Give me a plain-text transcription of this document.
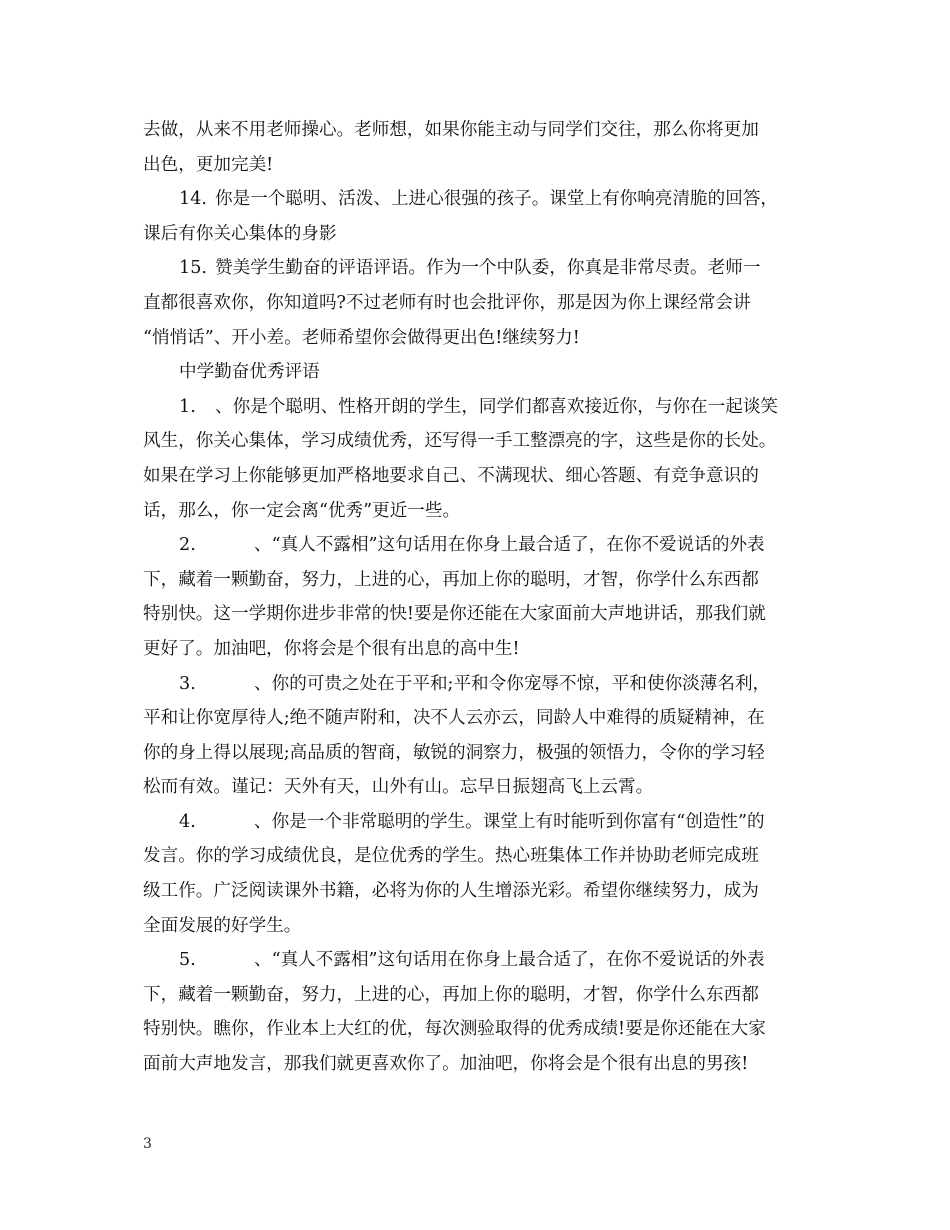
去做，从来不用老师操心。老师想，如果你能主动与同学们交往，那么你将更加
出色，更加完美!
14. 你是一个聪明、活泼、上进心很强的孩子。课堂上有你响亮清脆的回答，
课后有你关心集体的身影
15. 赞美学生勤奋的评语评语。作为一个中队委，你真是非常尽责。老师一
直都很喜欢你，你知道吗?不过老师有时也会批评你，那是因为你上课经常会讲
“悄悄话”、开小差。老师希望你会做得更出色!继续努力!
中学勤奋优秀评语
1. 、你是个聪明、性格开朗的学生，同学们都喜欢接近你，与你在一起谈笑
风生，你关心集体，学习成绩优秀，还写得一手工整漂亮的字，这些是你的长处。
如果在学习上你能够更加严格地要求自己、不满现状、细心答题、有竞争意识的
话，那么，你一定会离“优秀”更近一些。
2.	、“真人不露相”这句话用在你身上最合适了，在你不爱说话的外表
下，藏着一颗勤奋，努力，上进的心，再加上你的聪明，才智，你学什么东西都
特别快。这一学期你进步非常的快!要是你还能在大家面前大声地讲话，那我们就
更好了。加油吧，你将会是个很有出息的高中生!
3.	、你的可贵之处在于平和;平和令你宠辱不惊，平和使你淡薄名利，
平和让你宽厚待人;绝不随声附和，决不人云亦云，同龄人中难得的质疑精神，在
你的身上得以展现;高品质的智商，敏锐的洞察力，极强的领悟力，令你的学习轻
松而有效。谨记：天外有天，山外有山。忘早日振翅高飞上云霄。
4.	、你是一个非常聪明的学生。课堂上有时能听到你富有“创造性”的
发言。你的学习成绩优良，是位优秀的学生。热心班集体工作并协助老师完成班
级工作。广泛阅读课外书籍，必将为你的人生增添光彩。希望你继续努力，成为
全面发展的好学生。
5.	、“真人不露相”这句话用在你身上最合适了，在你不爱说话的外表
下，藏着一颗勤奋，努力，上进的心，再加上你的聪明，才智，你学什么东西都
特别快。瞧你，作业本上大红的优，每次测验取得的优秀成绩!要是你还能在大家
面前大声地发言，那我们就更喜欢你了。加油吧，你将会是个很有出息的男孩!
3
